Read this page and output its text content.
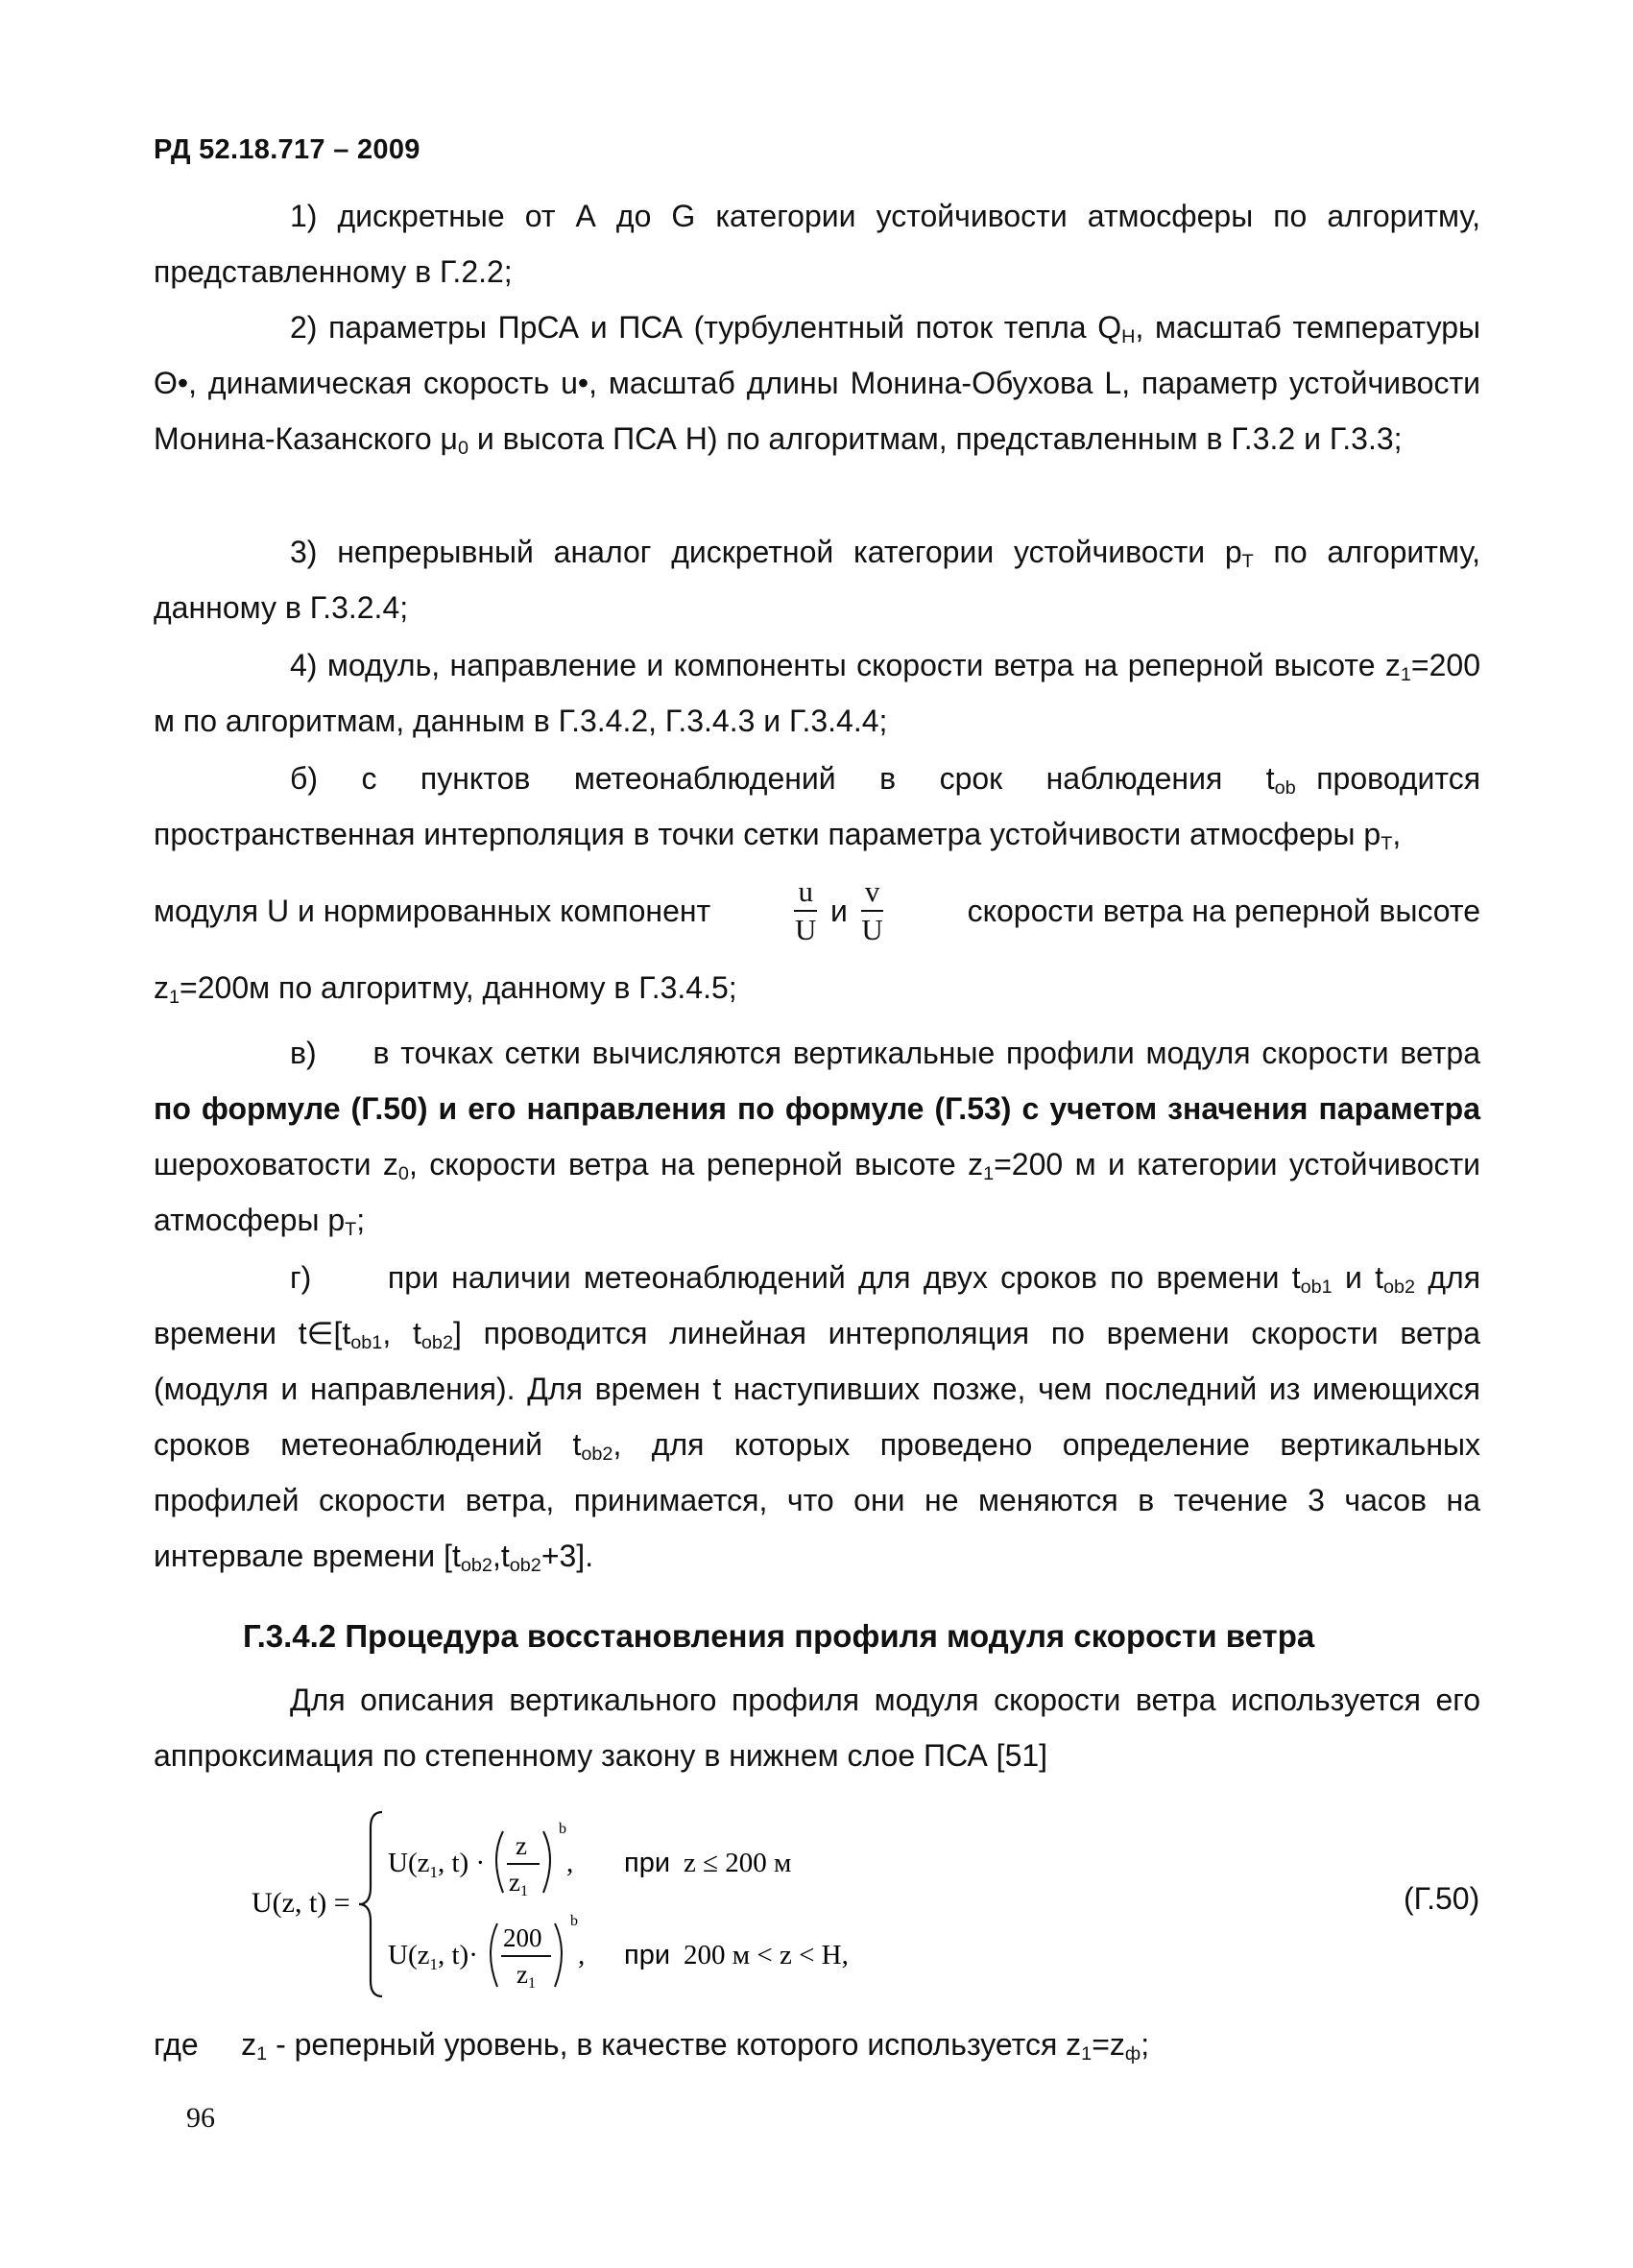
РД 52.18.717 – 2009
1) дискретные от А до G категории устойчивости атмосферы по алгоритму, представленному в Г.2.2;
2) параметры ПрСА и ПСА (турбулентный поток тепла $Q_H$, масштаб температуры Θ•, динамическая скорость u•, масштаб длины Монина-Обухова L, параметр устойчивости Монина-Казанского $\mu_0$ и высота ПСА H) по алгоритмам, представленным в Г.3.2 и Г.3.3;
3) непрерывный аналог дискретной категории устойчивости $p_T$ по алгоритму, данному в Г.3.2.4;
4) модуль, направление и компоненты скорости ветра на реперной высоте $z_1=200$ м по алгоритмам, данным в Г.3.4.2, Г.3.4.3 и Г.3.4.4;
б) с пунктов метеонаблюдений в срок наблюдения $t_{ob}$ проводится пространственная интерполяция в точки сетки параметра устойчивости атмосферы $p_T$,
модуля U и нормированных компонент	$\frac{u}{U}$ и $\frac{v}{U}$	скорости ветра на реперной высоте
$z_1=200м$ по алгоритму, данному в Г.3.4.5;
в) в точках сетки вычисляются вертикальные профили модуля скорости ветра по формуле (Г.50) и его направления по формуле (Г.53) с учетом значения параметра шероховатости $z_0$, скорости ветра на реперной высоте $z_1=200$ м и категории устойчивости атмосферы $p_T$;
г) при наличии метеонаблюдений для двух сроков по времени $t_{ob1}$ и $t_{ob2}$ для времени $t\in[t_{ob1}$, $t_{ob2}$] проводится линейная интерполяция по времени скорости ветра (модуля и направления). Для времен t наступивших позже, чем последний из имеющихся сроков метеонаблюдений $t_{ob2}$, для которых проведено определение вертикальных профилей скорости ветра, принимается, что они не меняются в течение 3 часов на интервале времени $[t_{ob2},t_{ob2}+3]$.
Г.3.4.2 Процедура восстановления профиля модуля скорости ветра
Для описания вертикального профиля модуля скорости ветра используется его аппроксимация по степенному закону в нижнем слое ПСА [51]
U(z, t) =
$U(z_1$, t) ·
z
z1
b
, при z ≤ 200 м
$U(z_1$, t)·
200
z1
b
, при 200 м < z < H,
(Г.50)
где $z_1$ - реперный уровень, в качестве которого используется $z_1=z_ф$;
96
